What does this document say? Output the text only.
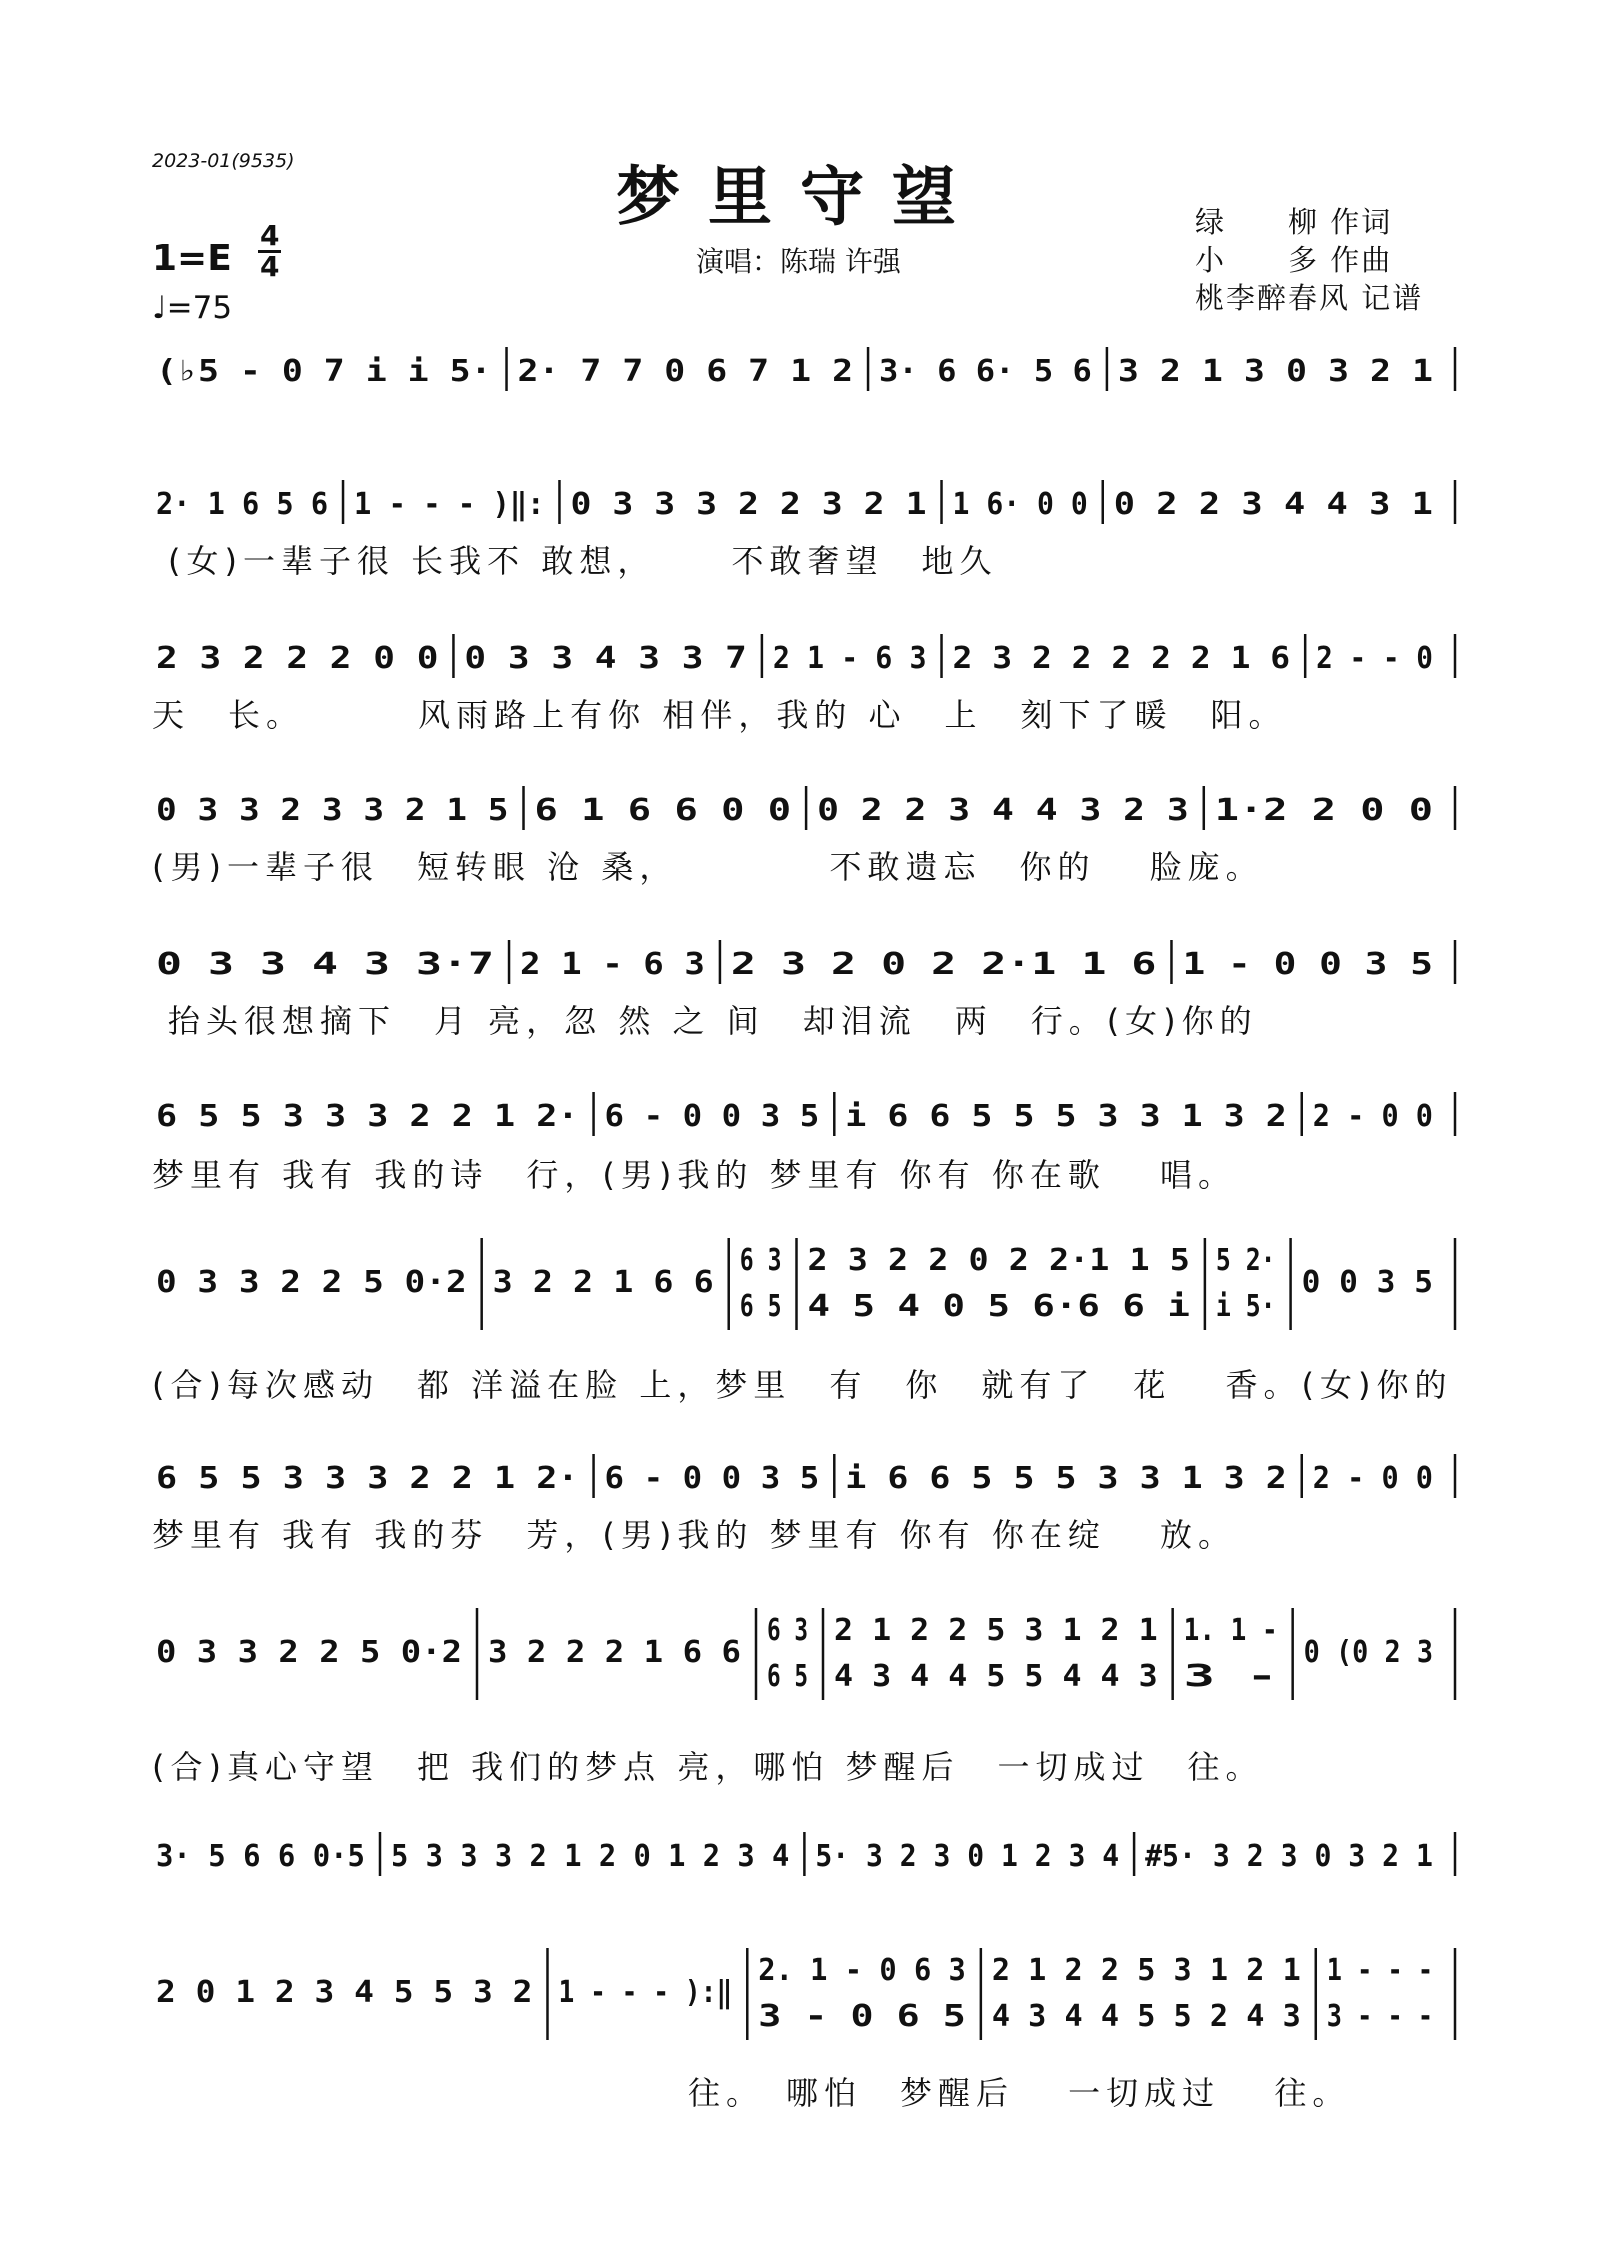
2023-01(9535)	梦里守望
演唱：陈瑞 许强
绿　　柳 作词
小　　多 作曲
桃李醉春风 记谱
1=E
4
4
♩=75
(♭5 - 0 7 i i 5· 2· 7 7 0 6 7 1 2 3· 6 6· 5 6 3 2 1 3 0 3 2 1
2· 1 6 5 6 1 - - - )‖: 0 3 3 3 2 2 3 2 1 1 6· 0 0 0 2 2 3 4 4 3 1
(女)一辈子很 长我不 敢想，　　 不敢奢望　地久
2 3 2 2 2 0 0 0 3 3 4 3 3 7 2 1 - 6 3 2 3 2 2 2 2 2 1 6 2 - - 0
天　长。　　　 风雨路上有你 相伴，我的 心　上　刻下了暖　阳。
0 3 3 2 3 3 2 1 5 6 1 6 6 0 0 0 2 2 3 4 4 3 2 3 1·2 2 0 0
(男)一辈子很　短转眼 沧 桑，　　　　 不敢遗忘　你的　 脸庞。
0 3 3 4 3 3·7 2 1 - 6 3 2 3 2 0 2 2·1 1 6 1 - 0 0 3 5
抬头很想摘下　月 亮，忽 然 之 间　却泪流　两　行。(女)你的
6 5 5 3 3 3 2 2 1 2· 6 - 0 0 3 5 i 6 6 5 5 5 3 3 1 3 2 2 - 0 0
梦里有 我有 我的诗　行，(男)我的 梦里有 你有 你在歌　 唱。
0 3 3 2 2 5 0·2 3 2 2 1 6 6
6 3
6 5
2 3 2 2 0 2 2·1 1 5
4 5 4 0 5 6·6 6 i
5 2·
i 5·
0 0 3 5
(合)每次感动　都 洋溢在脸 上，梦里　有　你　就有了　花　 香。(女)你的
6 5 5 3 3 3 2 2 1 2· 6 - 0 0 3 5 i 6 6 5 5 5 3 3 1 3 2 2 - 0 0
梦里有 我有 我的芬　芳，(男)我的 梦里有 你有 你在绽　 放。
0 3 3 2 2 5 0·2 3 2 2 2 1 6 6
6 3
6 5
2 1 2 2 5 3 1 2 1
4 3 4 4 5 5 4 4 3
1. 1 -
3 -
0 (0 2 3
(合)真心守望　把 我们的梦点 亮，哪怕 梦醒后　一切成过　往。
3· 5 6 6 0·5 5 3 3 3 2 1 2 0 1 2 3 4 5· 3 2 3 0 1 2 3 4 #5· 3 2 3 0 3 2 1
2 0 1 2 3 4 5 5 3 2 1 - - - ):‖
2. 1 - 0 6 3
3 - 0 6 5
2 1 2 2 5 3 1 2 1
4 3 4 4 5 5 2 4 3
1 - - -
3 - - -
往。　哪怕　梦醒后　 一切成过　 往。
